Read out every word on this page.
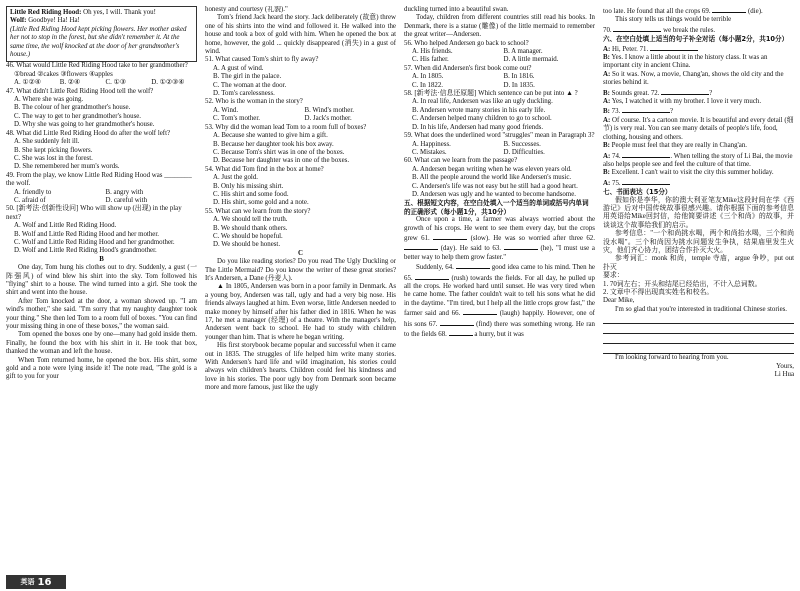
Little Red Riding Hood: Oh yes, I will. Thank you!
Wolf: Goodbye! Ha! Ha!
(Little Red Riding Hood kept picking flowers. Her mother asked her not to stop in the forest, but she didn't remember it. At the same time, the wolf knocked at the door of her grandmother's house.)
46. What would Little Red Riding Hood take to her grandmother?
①bread ②cakes ③flowers ④apples
A. ①②④	B. ②④	C. ①③	D. ①②③④
47. What didn't Little Red Riding Hood tell the wolf?
A. Where she was going.
B. The colour of her grandmother's house.
C. The way to get to her grandmother's house.
D. Why she was going to her grandmother's house.
48. What did Little Red Riding Hood do after the wolf left?
A. She suddenly felt ill.
B. She kept picking flowers.
C. She was lost in the forest.
D. She remembered her mum's words.
49. From the play, we know Little Red Riding Hood was ________ the wolf.
A. friendly to	B. angry with
C. afraid of	D. careful with
50. [新考法·创新性设问] Who will show up (出现) in the play next?
A. Wolf and Little Red Riding Hood.
B. Wolf and Little Red Riding Hood and her mother.
C. Wolf and Little Red Riding Hood and her grandmother.
D. Wolf and Little Red Riding Hood's grandmother.
B
One day, Tom hung his clothes out to dry. Suddenly, a gust (一阵强风) of wind blew his shirt into the sky. Tom followed his "flying" shirt to a house. The wind turned into a girl. She took the shirt and went into the house.
After Tom knocked at the door, a woman showed up. "I am wind's mother," she said. "I'm sorry that my naughty daughter took your thing." She then led Tom to a room full of boxes. "You can find your missing thing in one of these boxes," the woman said.
Tom opened the boxes one by one—many had gold inside them. Finally, he found the box with his shirt in it. He took that box, thanked the woman and left the house.
When Tom returned home, he opened the box. His shirt, some gold and a note were lying inside it! The note read, "The gold is a gift to you for your
honesty and courtesy (礼貌)."
Tom's friend Jack heard the story. Jack deliberately (故意) threw one of his shirts into the wind and followed it. He walked into the house and took a box of gold with him. When he opened the box at home, however, the gold ... quickly disappeared (消失) in a gust of wind.
51. What caused Tom's shirt to fly away?
A. A gust of wind.
B. The girl in the palace.
C. The woman at the door.
D. Tom's carelessness.
52. Who is the woman in the story?
A. Wind.	B. Wind's mother.
C. Tom's mother.	D. Jack's mother.
53. Why did the woman lead Tom to a room full of boxes?
A. Because she wanted to give him a gift.
B. Because her daughter took his box away.
C. Because Tom's shirt was in one of the boxes.
D. Because her daughter was in one of the boxes.
54. What did Tom find in the box at home?
A. Just the gold.
B. Only his missing shirt.
C. His shirt and some food.
D. His shirt, some gold and a note.
55. What can we learn from the story?
A. We should tell the truth.
B. We should thank others.
C. We should be hopeful.
D. We should be honest.
C
Do you like reading stories? Do you read The Ugly Duckling or The Little Mermaid? Do you know the writer of these great stories? It's Andersen, a Dane (丹麦人).
▲ In 1805, Andersen was born in a poor family in Denmark. As a young boy, Andersen was tall, ugly and had a very big nose. His friends always laughed at him. Even worse, little Andersen needed to make money by himself after his father died in 1816. When he was 17, he met a manager (经理) of a theatre. With the manager's help, Andersen went back to school. He had to study with children younger than him. That is where he began writing.
His first storybook became popular and successful when it came out in 1835. The struggles of life helped him write many stories. With Andersen's hard life and wild imagination, his stories could always win children's hearts. Children could feel his kindness and love in his stories. The poor ugly boy from Denmark soon became more and more famous, just like the ugly
duckling turned into a beautiful swan.
Today, children from different countries still read his books. In Denmark, there is a statue (雕像) of the little mermaid to remember the great writer—Andersen.
56. Who helped Andersen go back to school?
A. His friends.	B. A manager.
C. His father.	D. A little mermaid.
57. When did Andersen's first book come out?
A. In 1805.	B. In 1816.
C. In 1822.	D. In 1835.
58. [新考法·信息还原题] Which sentence can be put into ▲ ?
A. In real life, Andersen was like an ugly duckling.
B. Andersen wrote many stories in his early life.
C. Andersen helped many children to go to school.
D. In his life, Andersen had many good friends.
59. What does the underlined word "struggles" mean in Paragraph 3?
A. Happiness.	B. Successes.
C. Mistakes.	D. Difficulties.
60. What can we learn from the passage?
A. Andersen began writing when he was eleven years old.
B. All the people around the world like Andersen's music.
C. Andersen's life was not easy but he still had a good heart.
D. Andersen was ugly and he wanted to become handsome.
五、根据短文内容，在空白处填入一个适当的单词或括号内单词的正确形式（每小题1分，共10分）
Once upon a time, a farmer was always worried about the growth of his crops. He went to see them every day, but the crops grew 61.	(slow). He was so worried after three 62.  (day). He said to 63.	(he), "I must use a better way to help them grow faster."
Suddenly, 64.	good idea came to his mind. Then he 65.	(rush) towards the fields. For all day, he pulled up all the crops. He worked hard until sunset. He was very tired when he came home. The father couldn't wait to tell his sons what he did in the daytime. "I'm tired, but I help all the little crops grow fast," the farmer said and 66.	(laugh) happily. However, one of his sons 67.	(find) there was something wrong. He ran to the fields 68.	a hurry, but it was
too late. He found that all the crops 69.	(die).
This story tells us things would be terrible
70.	we break the rules.
六、在空白处填上适当的句子补全对话（每小题2分，共10分）
A: Hi, Peter. 71.
B: Yes. I know a little about it in the history class. It was an important city in ancient China.
A: So it was. Now, a movie, Chang'an, shows the old city and the stories behind it.
B: Sounds great. 72.	?
A: Yes, I watched it with my brother. I love it very much.
B: 73.	?
A: Of course. It's a cartoon movie. It is beautiful and every detail (细节) is very real. You can see many details of people's life, food, clothing, housing and others.
B: People must feel that they are really in Chang'an.
A: 74.	. When telling the story of Li Bai, the movie also helps people see and feel the culture of that time.
B: Excellent. I can't wait to visit the city this summer holiday.
A: 75.
七、书面表达（15分）
假如你是李华，你的澳大利亚笔友Mike这段时间在学《西游记》后对中国传统故事很感兴趣。请你根据下面的参考信息用英语给Mike回封信，给他简要讲述《三个和尚》的故事，并谈谈这个故事给我们的启示。
参考信息："一个和尚挑水喝，两个和尚抬水喝，三个和尚没水喝"。三个和尚因为挑水问题发生争执，结果庙里发生火灾，他们齐心协力，团结合作扑灭大火。
参考词汇：monk 和尚，temple 寺庙，argue 争吵，put out 扑灭
要求：
1. 70词左右；开头和结尾已经给出，不计入总词数。
2. 文章中不得出现真实姓名和校名。
Dear Mike,
I'm so glad that you're interested in traditional Chinese stories.
I'm looking forward to hearing from you.
Yours,
Li Hua
英语 16
